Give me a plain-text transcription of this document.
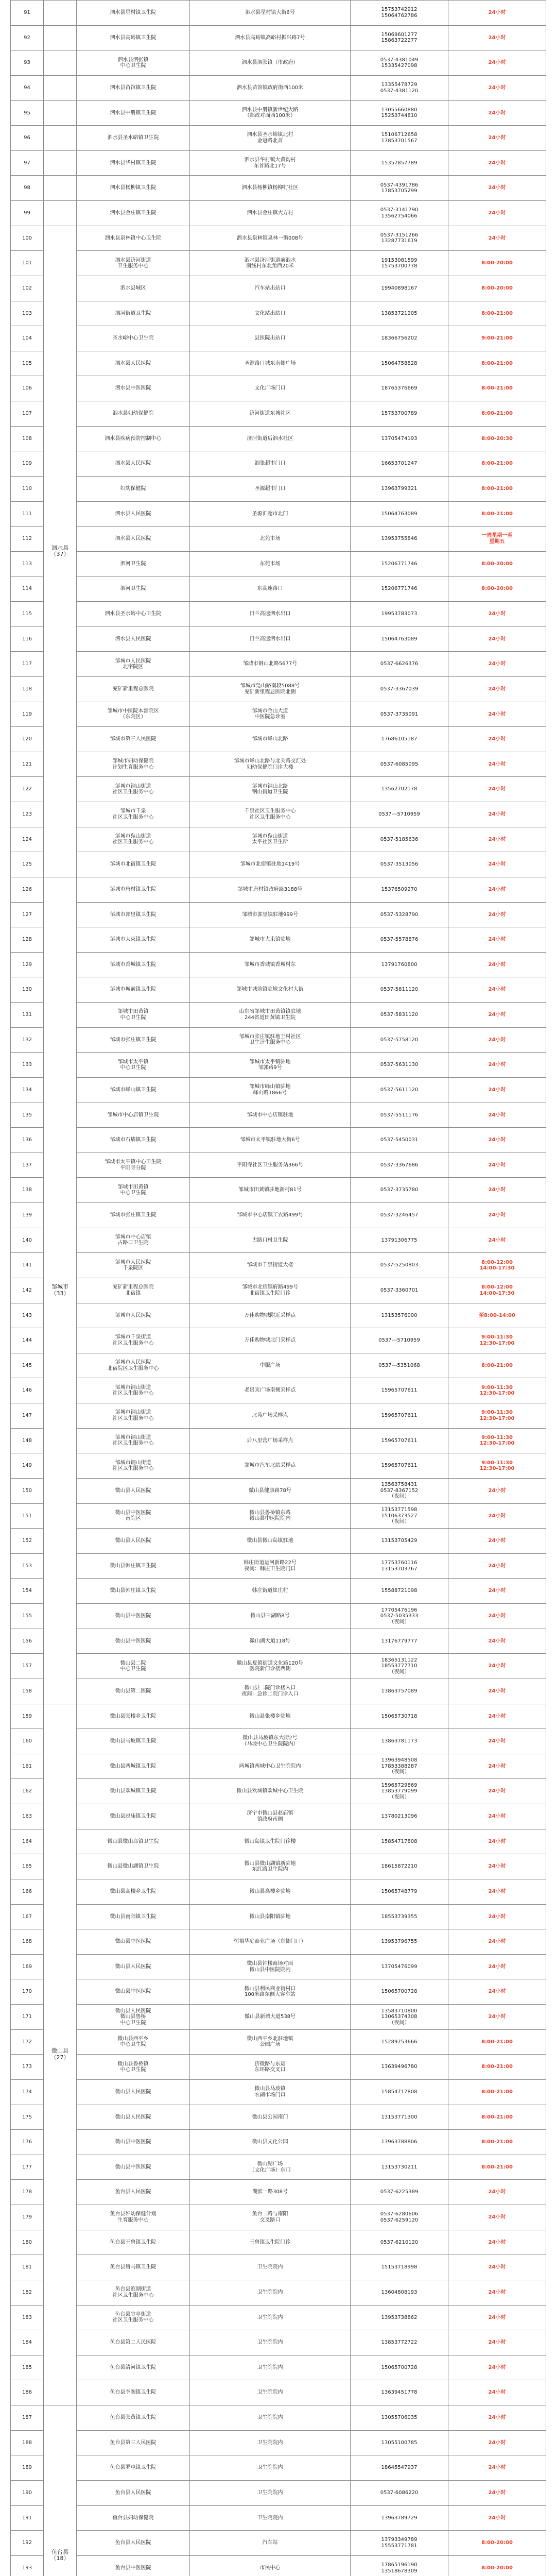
91		泗水县星村镇卫生院	泗水县星村镇大街6号	15753742912
15064762786	24小时
92		泗水县高峪镇卫生院	泗水县高峪镇高峪村振兴路7号	15069601277
15863722277	24小时
93		泗水县泗张镇
中心卫生院	泗水县泗张镇（市政府）	0537-4381049
15335427098	24小时
94		泗水县苗馆镇卫生院	泗水县苗馆镇政府街西100米	13355478729
0537-4381120	24小时
95		泗水县中册镇卫生院	泗水县中册镇新世纪大路
（邮政对面西100米）	13055660880
15253744810	24小时
96		泗水县圣水峪镇卫生院	泗水县圣水峪镇北村
金冠路北首	15106712658
17853701567	24小时
97		泗水县华村镇卫生院	泗水县华村镇大黄沟村
东首路北17号	15357857789	24小时
98		泗水县杨柳镇卫生院	泗水县杨柳镇杨柳村社区	0537-4391786
17853705299	24小时
99		泗水县金庄镇卫生院	泗水县金庄镇大方村	0537-3141790
13562754066	24小时
100	泗水县
（37）	泗水县泉林镇中心卫生院	泗水县泉林镇泉林一街008号	0537-3151266
13287731619	24小时
101		泗水县济河街道
卫生服务中心	泗水县济河街道前泗水
南线村东北角西20米	19153081599
15753700778	8:00-20:00
102		泗水县城区	汽车站出站口	19940898167	8:00-20:00
103		泗河街道卫生院	文化站出站口	13853721205	8:00-21:00
104		圣水峪中心卫生院	县医院出站口	18366756202	9:00-21:00
105		泗水县人民医院	圣源路口城东南侧广场	15064758828	8:00-21:00
106		泗水县中医医院	文化广场门口	18765376669	8:00-21:00
107		泗水县妇幼保健院	济河街道东城社区	15753700789	8:00-21:00
108		泗水县疾病预防控制中心	济河街道后泗水社区	13705474193	8:00-20:30
109		泗水县人民医院	泗张超市门口	16653701247	8:00-21:00
110		妇幼保健院	圣源超市门口	13963799321	8:00-21:00
111		泗水县人民医院	圣源汇超市北门	15064763089	8:00-21:00
112		泗水县人民医院	北苑市场	13953755846	一周星期一至
星期五
113		泗河卫生院	东苑市场	15206771746	8:00-20:00
114		泗河卫生院	东高速路口	15206771746	8:00-20:00
115		泗水县圣水峪中心卫生院	日兰高速泗水出口	19953783073	24小时
116		泗水县人民医院	日兰高速泗水出口	15064763089	24小时
117		邹城市人民医院
北宇院区	邹城市钢山北路5677号	0537-6626376	24小时
118		兖矿新里程总医院	邹城市凫山路南段5088号
兖矿新里程总医院北侧	0537-3367039	24小时
119		邹城市中医院本部院区
（东院区）	邹城市金山大道
中医院急诊室	0537-3735091	24小时
120		邹城市第三人民医院	邹城市峄山北路	17686105187	24小时
121		邹城市妇幼保健院
计划生育服务中心	邹城市峄山北路与北关路交汇处
妇幼保健院门诊大楼	0537-6085095	24小时
122		邹城市钢山街道
社区卫生服务中心	邹城市钢山北路
钢山街道卫生院	13562702178	24小时
123		邹城市千泉
社区卫生服务中心	千泉社区卫生服务中心
社区卫生服务中心	0537---5710959	24小时
124		邹城市凫山街道
社区卫生服务中心	邹城市凫山街道
太平社区卫生所	0537-5185636	24小时
125		邹城市北宿镇卫生院	邹城市北宿镇驻地1419号	0537-3513056	24小时
126	邹城市
（33）	邹城市唐村镇卫生院	邹城市唐村镇政府路3188号	15376509270	24小时
127		邹城市郭里镇卫生院	邹城市郭里镇驻地999号	0537-5328790	24小时
128		邹城市大束镇卫生院	邹城市大束镇驻地	0537-5578876	24小时
129		邹城市香城镇卫生院	邹城市香城镇香城村东	13791760800	24小时
130		邹城市城前镇卫生院	邹城市城前镇驻地文化村大街	0537-5811120	24小时
131		邹城市田黄镇
中心卫生院	山东省邹城市田黄镇镇驻地
244省道田黄镇卫生院	0537-5831120	24小时
132		邹城市张庄镇卫生院	邹城市张庄镇驻地王村社区
卫生计生服务中心	0537-5758120	24小时
133		邹城市太平镇
中心卫生院	邹城市太平镇驻地
邹郭路9号	0537-5631130	24小时
134		邹城市峄山镇卫生院	邹城市峄山镇驻地
峄山路1866号	0537-5611120	24小时
135		邹城市中心店镇卫生院	邹城市中心店镇驻地	0537-5511176	24小时
136		邹城市石墙镇卫生院	邹城市太平镇驻地大街6号	0537-5450031	24小时
137		邹城市太平镇中心卫生院
平阳寺分院	平阳寺社区卫生服务站366号	0537-3367686	24小时
138		邹城市田黄镇
中心卫生院	邹城市田黄镇驻地新村81号	0537-3735780	24小时
139		邹城市张庄镇卫生院	邹城市中心店镇工农路499号	0537-3246457	24小时
140		邹城市中心店镇
古路口卫生院	古路口村卫生院	13791306775	24小时
141		邹城市人民医院
千泉院区	邹城市千泉街道大楼	0537-5250803	8:00-12:00
14:00-17:30
142		兖矿新里程总医院
北宿镇	邹城市北宿镇府路499号
北宿镇卫生院门诊	0537-3360701	8:00-12:00
14:00-17:30
143		邹城市人民医院	万佳购物城附近采样点	13153576000	至8:00-14:00
144		邹城市千泉街道
社区卫生服务中心	万佳购物城北门采样点	0537---5710959	9:00-11:30
12:30-17:00
145		邹城市人民医院
北宿院区卫生服务中心	中服广场	0537---5351068	8:00-21:00
146		邹城市钢山街道
社区卫生服务中心	老贵宾广场南侧采样点	15965707611	9:00-11:30
12:30-17:00
147		邹城市钢山街道
社区卫生服务中心	北苑广场采样点	15965707611	9:00-11:30
12:30-17:00
148		邹城市钢山街道
社区卫生服务中心	后八里营广场采样点	15965707611	9:00-11:30
12:30-17:00
149		邹城市钢山街道
社区卫生服务中心	邹城市汽车北站采样点	15965707611	9:00-11:30
12:30-17:00
150		微山县人民医院	微山县健康路78号	13563758431
0537-8367152
（夜间）	24小时
151		微山县中医医院
南院区	微山县鲁桥镇东路
微山县中医院院内	13153771598
15106373527
（夜间）	24小时
152		微山县人民医院	微山县微山岛镇驻地	13153705429	24小时
153		微山县韩庄镇卫生院	韩庄街道运河新路22号
夜间：韩庄卫生院门口	17753760116
13153703767	24小时
154		微山县韩庄镇卫生院	韩庄街道崔庄村	15588721098	24小时
155		微山县中医医院	微山县三湖路8号	17705476196
0537-5035333
（夜间）	24小时
156		微山县中医医院	微山湖大道118号	13176779777	24小时
157		微山县二院
中心卫生院	微山县夏镇街道文化路120号
医院新门诊楼西侧	18365131122
18553777710
（夜间）	24小时
158		微山县第二医院	微山县二院门诊楼入口
夜间：急诊二院门诊入口	13863757089	24小时
159	微山县
（27）	微山县张楼乡卫生院	微山县张楼乡驻地	15065730718	24小时
160		微山县马坡镇卫生院	微山县马坡镇东大街2号
（马坡中心卫生院院内）	13863781173	24小时
161		微山县两城镇卫生院	两城镇两城中心卫生院院内	13963948508
17853388287
（夜间）	24小时
162		微山县欢城镇卫生院	微山县欢城镇欢城中心卫生院	15965729869
13853779099
（夜间）	24小时
163		微山县赵庙镇卫生院	济宁市微山县赵庙镇
镇政府南侧	13780213096	24小时
164		微山县微山岛镇卫生院	微山岛镇卫生院门诊楼	15854717808	24小时
165		微山县微山湖镇卫生院	微山县微山湖镇新驻地
东红路卫生院内	18615872210	24小时
166		微山县高楼乡卫生院	微山县高楼乡驻地	15065748779	24小时
167		微山县南阳镇卫生院	微山县南阳镇驻地	18553739355	24小时
168		微山县中医医院	恒裕华庭商业广场（东侧门口）	13953796755	24小时
169		微山县人民医院	微山县钟楼商场对面
微山县中医院院内	13705476099	24小时
170		微山县中医医院	微山县利民商业街村口
100米路东侧大客车站	15065700728	24小时
171		微山县人民医院
微山县鲁桥
中心卫生院	微山县新城大道538号	13583710800
13065374308
（夜间）	24小时
172		微山县西平乡
中心卫生院	微山西平乡北驻地镇
公园广场	15289753666	8:00-21:00
173		微山县鲁桥镇
中心卫生院	济微路与东运
东环路交叉口	13639496780	8:00-21:00
174		微山县人民医院	微山县马坡镇
农副市场门口	15854717808	8:00-21:00
175		微山县人民医院	微山县公园南门	13153771300	8:00-21:00
176		微山县中医医院	微山县文化公园	13963788806	8:00-21:00
177		微山县中医医院	微山湖广场
（文化广场）东门	13153730211	8:00-21:00
178		鱼台县人民医院	湖滨一路308号	0537-6225389	24小时
179		鱼台县妇幼保健计划
生育服务中心	鱼台二路与南阳
交叉路口	0537-6280606
0537-6259120	24小时
180		鱼台县王鲁镇卫生院	王鲁镇卫生院门诊	0537-6210120	24小时
181		鱼台县唐马镇卫生院	卫生院院内	15153718998	24小时
182		鱼台县滨湖街道
社区卫生服务中心	卫生院院内	13604808193	24小时
183		鱼台县谷亭街道
社区卫生服务中心	卫生院院内	13953738862	24小时
184		鱼台县第二人民医院	卫生院院内	13853772722	24小时
185		鱼台县清河镇卫生院	卫生院院内	15065700728	24小时
186		鱼台县李阁镇卫生院	卫生院院内	13639451778	24小时
187	鱼台县
（18）	鱼台县张黄镇卫生院	卫生院院内	13055706035	24小时
188		鱼台县第三人民医院	卫生院院内	13055100785	24小时
189		鱼台县罗屯镇卫生院	卫生院院内	18645547937	24小时
190		鱼台县人民医院	卫生院院内	0537-6086220	24小时
191		鱼台县妇幼保健院	卫生院院内	13963789729	24小时
192		鱼台县人民医院	汽车站	13793349789
15553771781	8:00-20:00
193		鱼台县中医医院	市民中心	17865196190
13518678309	8:00-20:00
